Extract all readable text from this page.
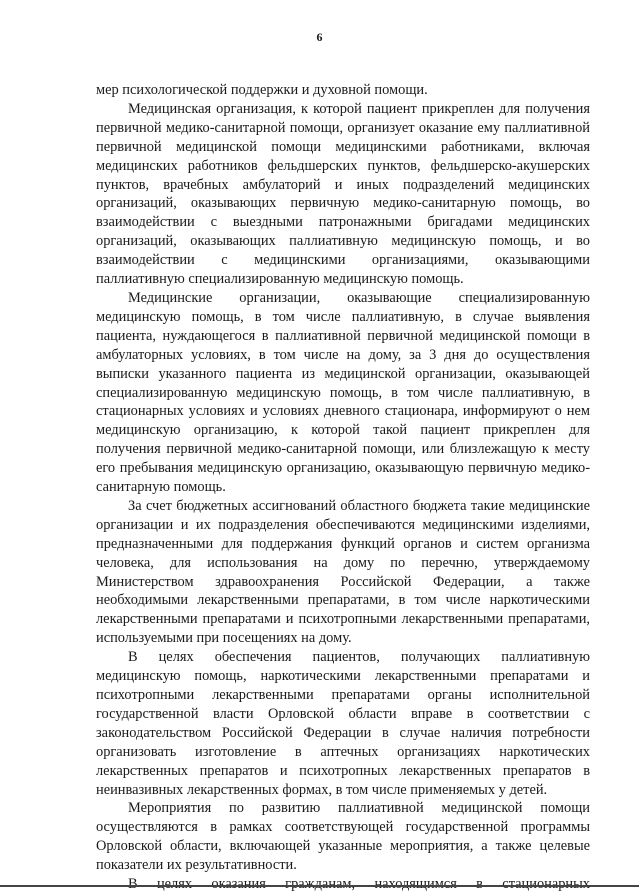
6

мер психологической поддержки и духовной помощи.

Медицинская организация, к которой пациент прикреплен для получения первичной медико-санитарной помощи, организует оказание ему паллиативной первичной медицинской помощи медицинскими работниками, включая медицинских работников фельдшерских пунктов, фельдшерско-акушерских пунктов, врачебных амбулаторий и иных подразделений медицинских организаций, оказывающих первичную медико-санитарную помощь, во взаимодействии с выездными патронажными бригадами медицинских организаций, оказывающих паллиативную медицинскую помощь, и во взаимодействии с медицинскими организациями, оказывающими паллиативную специализированную медицинскую помощь.

Медицинские организации, оказывающие специализированную медицинскую помощь, в том числе паллиативную, в случае выявления пациента, нуждающегося в паллиативной первичной медицинской помощи в амбулаторных условиях, в том числе на дому, за 3 дня до осуществления выписки указанного пациента из медицинской организации, оказывающей специализированную медицинскую помощь, в том числе паллиативную, в стационарных условиях и условиях дневного стационара, информируют о нем медицинскую организацию, к которой такой пациент прикреплен для получения первичной медико-санитарной помощи, или близлежащую к месту его пребывания медицинскую организацию, оказывающую первичную медико-санитарную помощь.

За счет бюджетных ассигнований областного бюджета такие медицинские организации и их подразделения обеспечиваются медицинскими изделиями, предназначенными для поддержания функций органов и систем организма человека, для использования на дому по перечню, утверждаемому Министерством здравоохранения Российской Федерации, а также необходимыми лекарственными препаратами, в том числе наркотическими лекарственными препаратами и психотропными лекарственными препаратами, используемыми при посещениях на дому.

В целях обеспечения пациентов, получающих паллиативную медицинскую помощь, наркотическими лекарственными препаратами и психотропными лекарственными препаратами органы исполнительной государственной власти Орловской области вправе в соответствии с законодательством Российской Федерации в случае наличия потребности организовать изготовление в аптечных организациях наркотических лекарственных препаратов и психотропных лекарственных препаратов в неинвазивных лекарственных формах, в том числе применяемых у детей.

Мероприятия по развитию паллиативной медицинской помощи осуществляются в рамках соответствующей государственной программы Орловской области, включающей указанные мероприятия, а также целевые показатели их результативности.
